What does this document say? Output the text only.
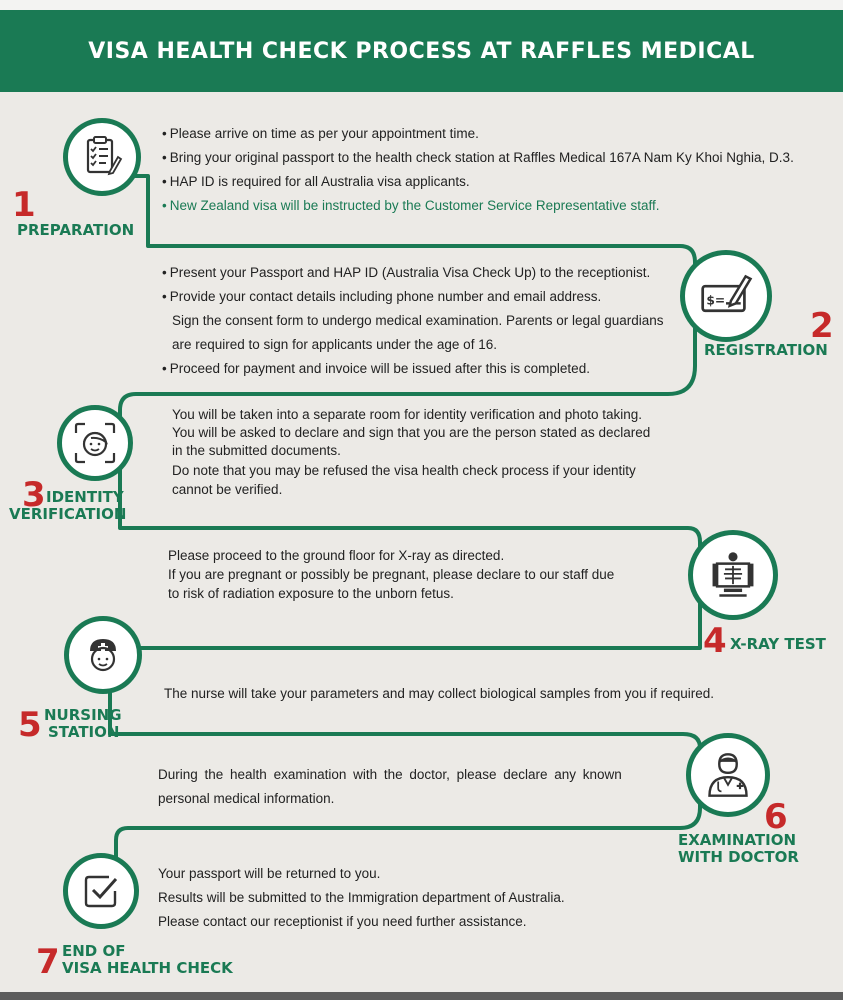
VISA HEALTH CHECK PROCESS AT RAFFLES MEDICAL
$=
1
PREPARATION
2
REGISTRATION
3 IDENTITY
VERIFICATION
4 X-RAY TEST
5 NURSING
STATION
6
EXAMINATION
WITH DOCTOR
7 END OF
VISA HEALTH CHECK
• Please arrive on time as per your appointment time.
• Bring your original passport to the health check station at Raffles Medical 167A Nam Ky Khoi Nghia, D.3.
• HAP ID is required for all Australia visa applicants.
• New Zealand visa will be instructed by the Customer Service Representative staff.
• Present your Passport and HAP ID (Australia Visa Check Up) to the receptionist.
• Provide your contact details including phone number and email address.
Sign the consent form to undergo medical examination. Parents or legal guardians
are required to sign for applicants under the age of 16.
• Proceed for payment and invoice will be issued after this is completed.
You will be taken into a separate room for identity verification and photo taking.
You will be asked to declare and sign that you are the person stated as declared
in the submitted documents.
Do note that you may be refused the visa health check process if your identity
cannot be verified.
Please proceed to the ground floor for X-ray as directed.
If you are pregnant or possibly be pregnant, please declare to our staff due
to risk of radiation exposure to the unborn fetus.
The nurse will take your parameters and may collect biological samples from you if required.
During the health examination with the doctor, please declare any known
personal medical information.
Your passport will be returned to you.
Results will be submitted to the Immigration department of Australia.
Please contact our receptionist if you need further assistance.
